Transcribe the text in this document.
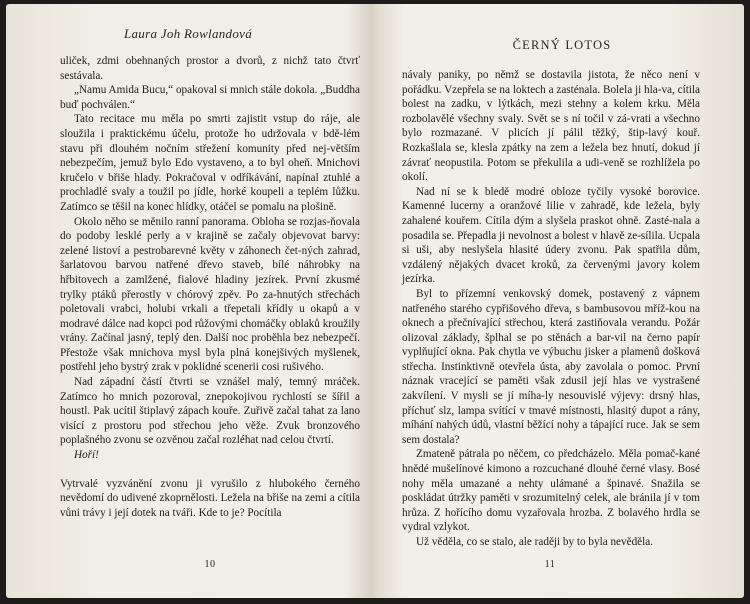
Laura Joh Rowlandová

uliček, zdmi obehnaných prostor a dvorů, z nichž tato čtvrť sestávala.

„Namu Amida Bucu,“ opakoval si mnich stále dokola. „Buddha buď pochválen.“

Tato recitace mu měla po smrti zajistit vstup do ráje, ale sloužila i praktickému účelu, protože ho udržovala v bdě-lém stavu při dlouhém nočním střežení komunity před nej-větším nebezpečím, jemuž bylo Edo vystaveno, a to byl oheň. Mnichovi kručelo v břiše hlady. Pokračoval v odříkávání, napínal ztuhlé a prochladlé svaly a toužil po jídle, horké koupeli a teplém lůžku. Zatímco se těšil na konec hlídky, otáčel se pomalu na plošině.

Okolo něho se měnilo ranní panorama. Obloha se rozjas-ňovala do podoby lesklé perly a v krajině se začaly objevovat barvy: zelené listoví a pestrobarevné květy v záhonech čet-ných zahrad, šarlatovou barvou natřené dřevo staveb, bílé náhrobky na hřbitovech a zamlžené, fialové hladiny jezírek. První zkusmé trylky ptáků přerostly v chórový zpěv. Po za-hnutých střechách poletovali vrabci, holubi vrkali a třepetali křídly u okapů a v modravé dálce nad kopci pod růžovými chomáčky oblaků kroužily vrány. Začínal jasný, teplý den. Další noc proběhla bez nebezpečí. Přestože však mnichova mysl byla plná konejšivých myšlenek, postřehl jeho bystrý zrak v poklidné scenerii cosi rušivého.

Nad západní částí čtvrti se vznášel malý, temný mráček. Zatímco ho mnich pozoroval, znepokojivou rychlostí se šířil a houstl. Pak ucítil štiplavý zápach kouře. Zuřivě začal tahat za lano visící z prostoru pod střechou jeho věže. Zvuk bronzového poplašného zvonu se ozvěnou začal rozléhat nad celou čtvrtí.

Hoří!

Vytrvalé vyzvánění zvonu ji vyrušilo z hlubokého černého nevědomí do udivené zkoprnělosti. Ležela na břiše na zemi a cítila vůni trávy i její dotek na tváři. Kde to je? Pocítila

10
ČERNÝ LOTOS

návaly paniky, po němž se dostavila jistota, že něco není v pořádku. Vzepřela se na loktech a zasténala. Bolela ji hla-va, cítila bolest na zadku, v lýtkách, mezi stehny a kolem krku. Měla rozbolavělé všechny svaly. Svět se s ní točil v zá-vrati a všechno bylo rozmazané. V plicích jí pálil těžký, štip-lavý kouř. Rozkašlala se, klesla zpátky na zem a ležela bez hnutí, dokud jí závrať neopustila. Potom se překulila a udi-veně se rozhlížela po okolí.

Nad ní se k bledě modré obloze tyčily vysoké borovice. Kamenné lucerny a oranžové lilie v zahradě, kde ležela, byly zahalené kouřem. Cítila dým a slyšela praskot ohně. Zasté-nala a posadila se. Přepadla ji nevolnost a bolest v hlavě ze-sílila. Ucpala si uši, aby neslyšela hlasité údery zvonu. Pak spatřila dům, vzdálený nějakých dvacet kroků, za červenými javory kolem jezírka.

Byl to přízemní venkovský domek, postavený z vápnem natřeného starého cypřišového dřeva, s bambusovou mříž-kou na oknech a přečnívající střechou, která zastiňovala verandu. Požár olizoval základy, šplhal se po stěnách a bar-vil na černo papír vyplňující okna. Pak chytla ve výbuchu jisker a plamenů došková střecha. Instinktivně otevřela ústa, aby zavolala o pomoc. První náznak vracející se paměti však zdusil její hlas ve vystrašené zakvílení. V mysli se jí míha-ly nesouvislé výjevy: drsný hlas, příchuť slz, lampa svítící v tmavé místnosti, hlasitý dupot a rány, míhání nahých údů, vlastní běžící nohy a tápající ruce. Jak se sem sem dostala?

Zmateně pátrala po něčem, co předcházelo. Měla pomač-kané hnědé mušelínové kimono a rozcuchané dlouhé černé vlasy. Bosé nohy měla umazané a nehty ulámané a špinavé. Snažila se poskládat útržky paměti v srozumitelný celek, ale bránila jí v tom hrůza. Z hořícího domu vyzařovala hrozba. Z bolavého hrdla se vydral vzlykot.

Už věděla, co se stalo, ale raději by to byla nevěděla.

11
